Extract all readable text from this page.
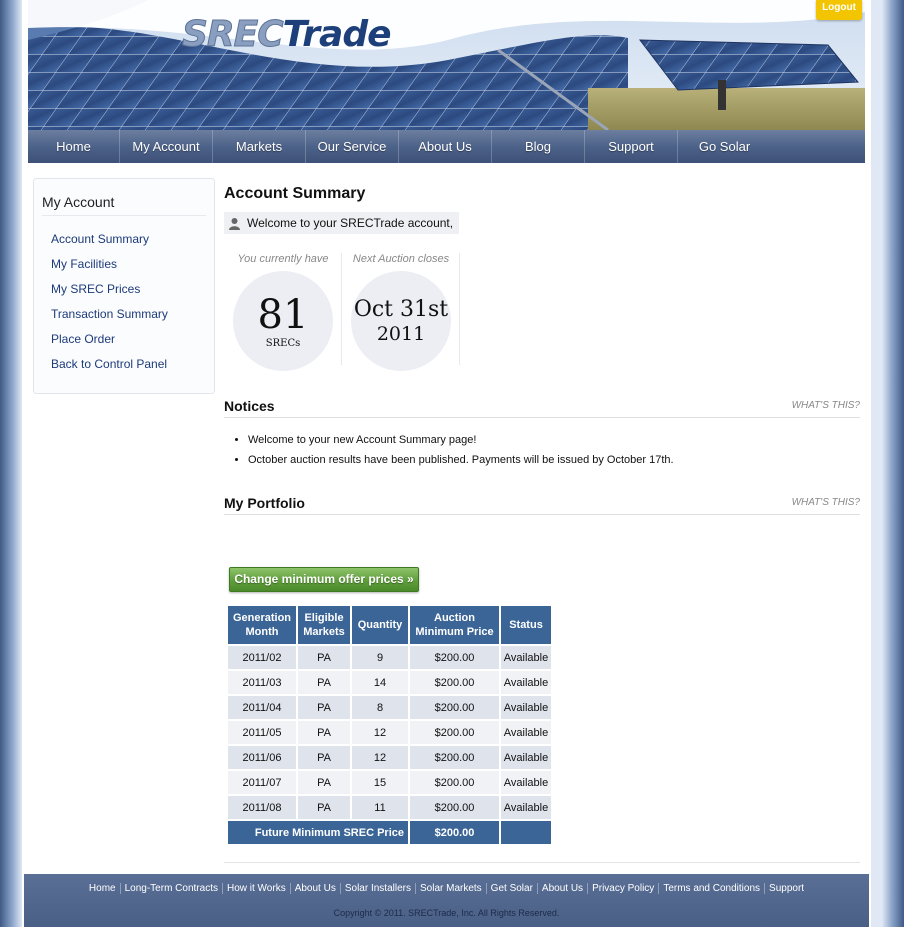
SRECTrade
Logout
Home	My Account	Markets	Our Service	About Us	Blog	Support	Go Solar
My Account
Account Summary
My Facilities
My SREC Prices
Transaction Summary
Place Order
Back to Control Panel
Account Summary
Welcome to your SRECTrade account,
You currently have
81
SRECs
Next Auction closes
Oct 31st
2011
Notices	WHAT'S THIS?
• Welcome to your new Account Summary page!
• October auction results have been published. Payments will be issued by October 17th.
My Portfolio	WHAT'S THIS?
Change minimum offer prices »
Generation Month	Eligible Markets	Quantity	Auction Minimum Price	Status
2011/02	PA	9	$200.00	Available
2011/03	PA	14	$200.00	Available
2011/04	PA	8	$200.00	Available
2011/05	PA	12	$200.00	Available
2011/06	PA	12	$200.00	Available
2011/07	PA	15	$200.00	Available
2011/08	PA	11	$200.00	Available
Future Minimum SREC Price			$200.00	
Home Long-Term Contracts How it Works About Us Solar Installers Solar Markets Get Solar About Us Privacy Policy Terms and Conditions Support
Copyright © 2011. SRECTrade, Inc. All Rights Reserved.
